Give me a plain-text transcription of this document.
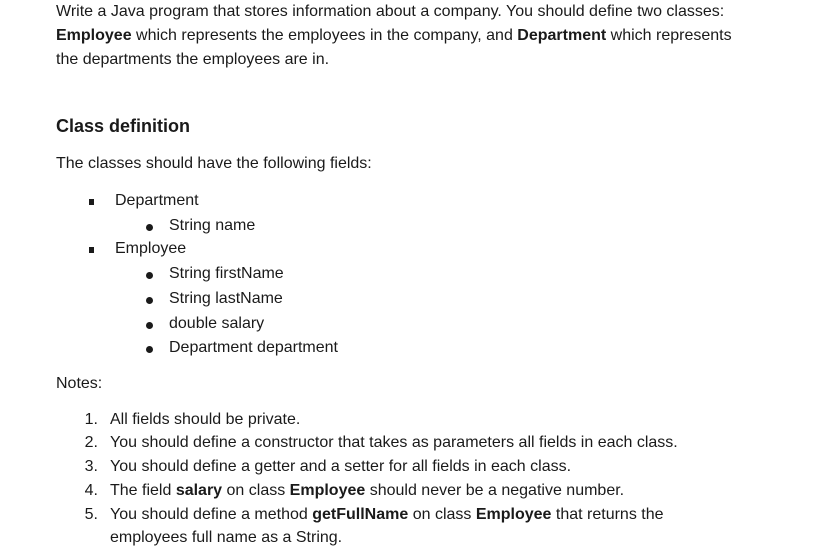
Write a Java program that stores information about a company. You should define two classes:
Employee which represents the employees in the company, and Department which represents
the departments the employees are in.
Class definition
The classes should have the following fields:
Department
String name
Employee
String firstName
String lastName
double salary
Department department
Notes:
1. All fields should be private.
2. You should define a constructor that takes as parameters all fields in each class.
3. You should define a getter and a setter for all fields in each class.
4. The field salary on class Employee should never be a negative number.
5. You should define a method getFullName on class Employee that returns the
employees full name as a String.
